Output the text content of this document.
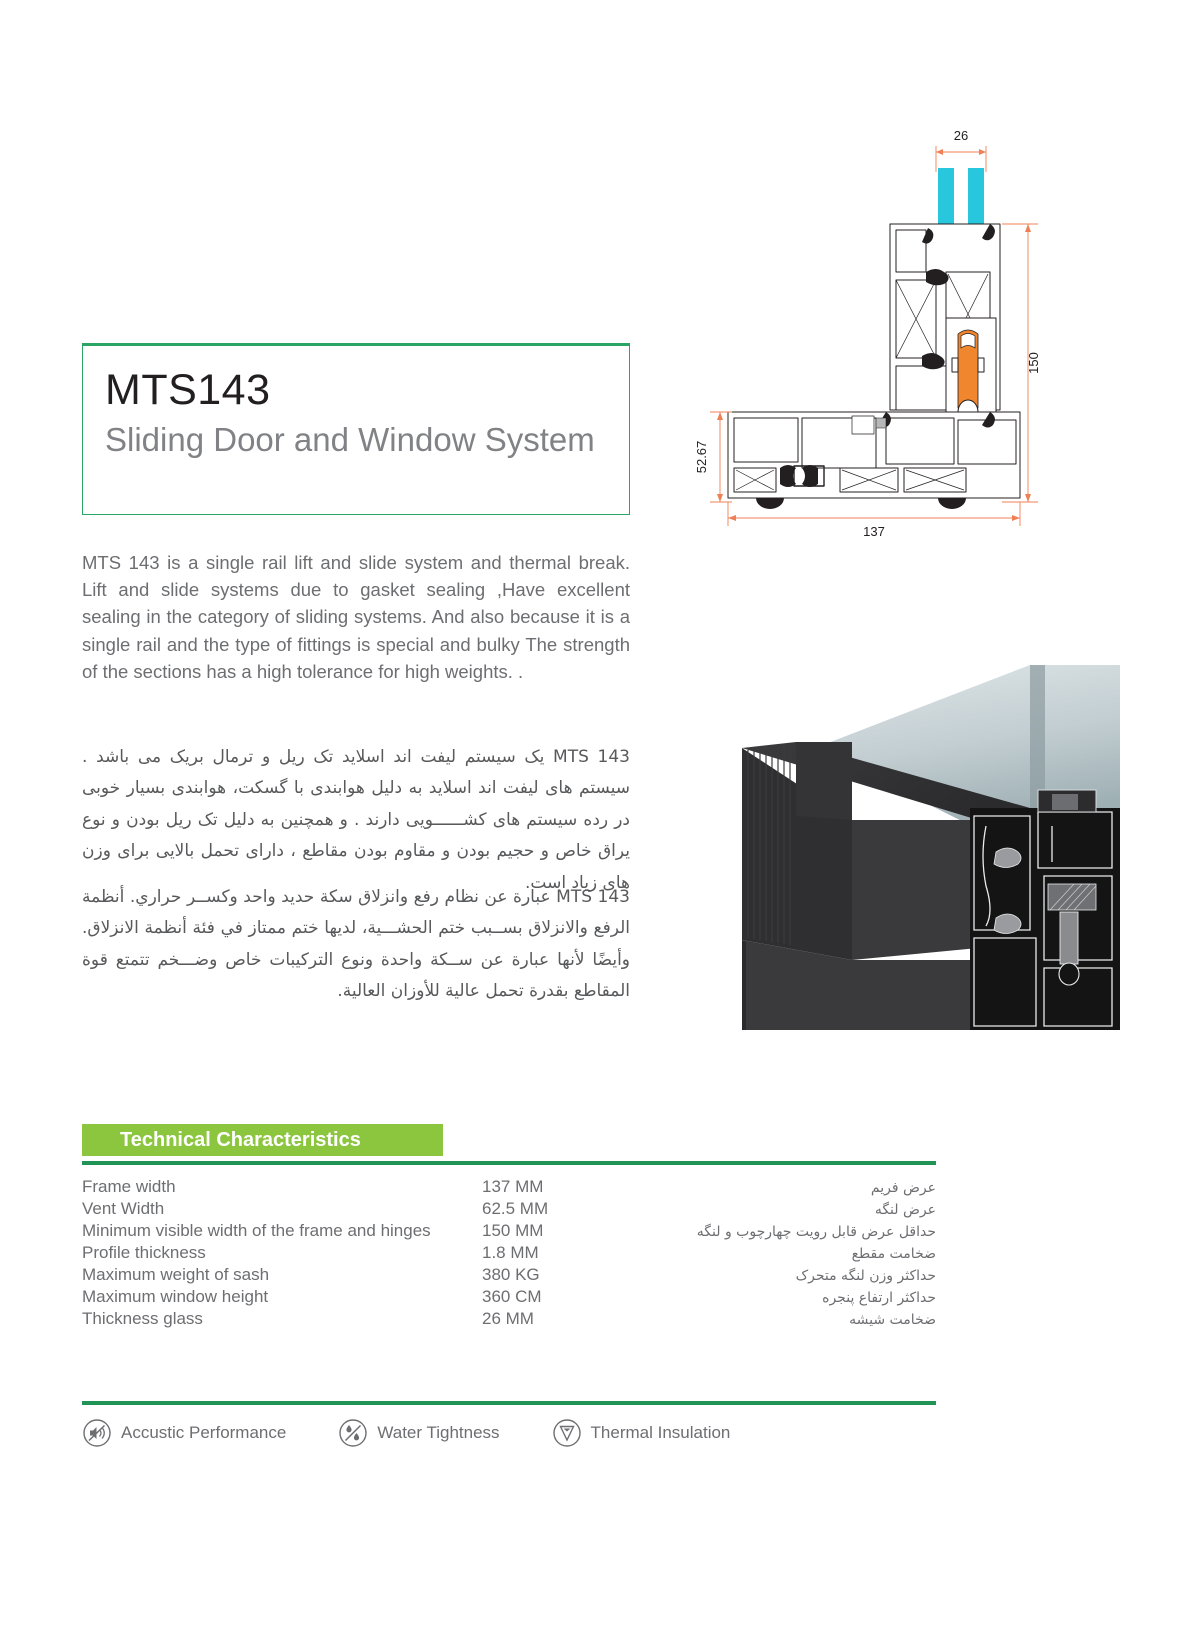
MTS143
Sliding Door and Window System
MTS 143 is a single rail lift and slide system and thermal break. Lift and slide systems due to gasket sealing ,Have excellent sealing in the category of sliding systems. And also because it is a single rail and the type of fittings is special and bulky The strength of the sections has a high tolerance for high weights. .
MTS 143 یک سیستم لیفت اند اسلاید تک ریل و ترمال بریک می باشد . سیستم های لیفت اند اسلاید به دلیل هوابندی با گسکت، هوابندی بسیار خوبی در رده سیستم های کشــــــویی دارند . و همچنین به دلیل تک ریل بودن و نوع یراق خاص و حجیم بودن و مقاوم بودن مقاطع ، دارای تحمل بالایی برای وزن های زیاد است.
MTS 143 عبارة عن نظام رفع وانزلاق سكة حديد واحد وكســر حراري. أنظمة الرفع والانزلاق بســبب ختم الحشـــية، لديها ختم ممتاز في فئة أنظمة الانزلاق. وأيضًا لأنها عبارة عن ســكة واحدة ونوع التركيبات خاص وضـــخم تتمتع قوة المقاطع بقدرة تحمل عالية للأوزان العالية.
26
150
52.67
137
Technical Characteristics
Frame width	137 MM	عرض فریم
Vent Width	62.5 MM	عرض لنگه
Minimum visible width of the frame and hinges	150 MM	حداقل عرض قابل رویت چهارچوب و لنگه
Profile thickness	1.8 MM	ضخامت مقطع
Maximum weight of sash	380 KG	حداکثر وزن لنگه متحرک
Maximum window height	360 CM	حداکثر ارتفاع پنجره
Thickness glass	26 MM	ضخامت شیشه
Accustic Performance	Water Tightness	Thermal Insulation
